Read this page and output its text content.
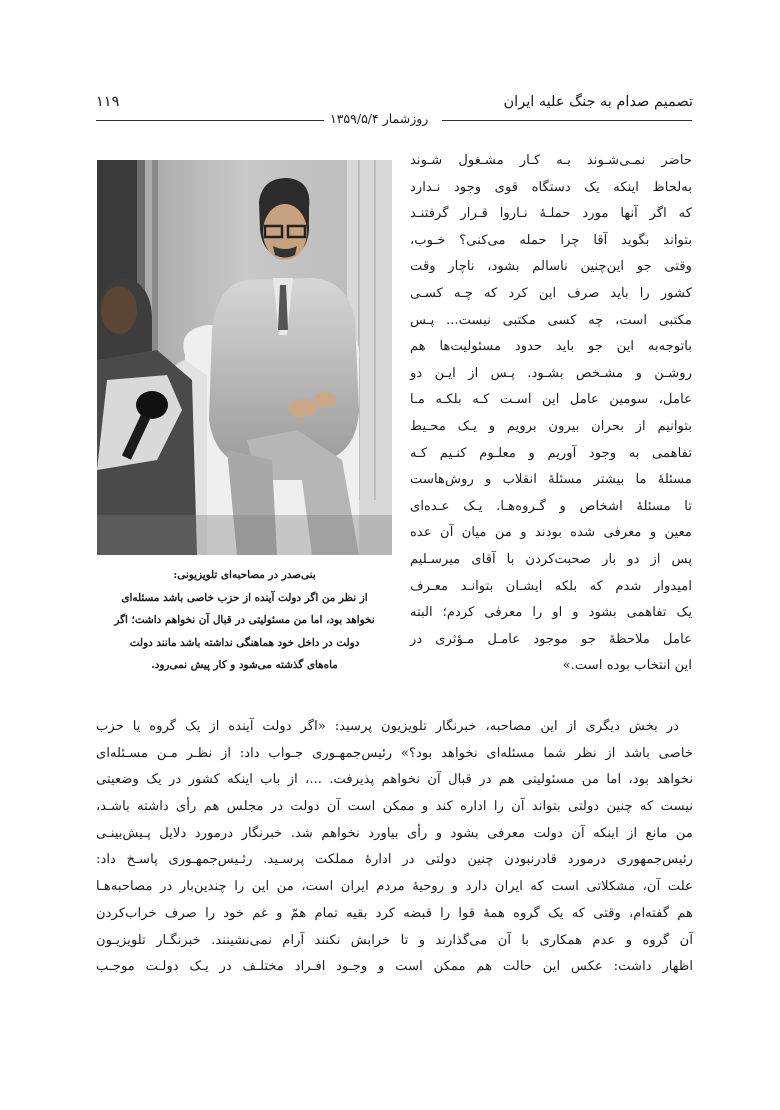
تصمیم صدام به جنگ علیه ایران
۱۱۹
روزشمار ۱۳۵۹/۵/۴
بنی‌صدر در مصاحبه‌ای تلویزیونی:
از نظر من اگر دولت آینده از حزب خاصی باشد مسئله‌ای
نخواهد بود، اما من مسئولیتی در قبال آن نخواهم داشت؛ اگر
دولت در داخل خود هماهنگی نداشته باشد مانند دولت
ماه‌های گذشته می‌شود و کار پیش نمی‌رود.
حاضر نمـی‌شـوند بـه کـار مشـغول شـوند
به‌لحاظ اینکه یک دستگاه قوی وجود نـدارد
که اگر آنها مورد حملـهٔ نـاروا قـرار گرفتنـد
بتواند بگوید آقا چرا حمله می‌کنی؟ خـوب،
وقتی جو این‌چنین ناسالم بشود، ناچار وقت
کشور را باید صرف این کرد که چـه کسـی
مکتبی است، چه کسی مکتبی نیست... پـس
باتوجه‌به این جو باید حدود مسئولیت‌ها هم
روشـن و مشـخص بشـود. پـس از ایـن دو
عامل، سومین عامل این اسـت کـه بلکـه مـا
بتوانیم از بحران بیرون برویم و یـک محـیط
تفاهمی به وجود آوریم و معلـوم کنـیم کـه
مسئلهٔ ما بیشتر مسئلهٔ انقلاب و روش‌هاست
تا مسئلهٔ اشخاص و گـروه‌هـا. یـک عـده‌ای
معین و معرفی شده بودند و من میان آن عده
پس از دو بار صحبت‌کردن با آقای میرسـلیم
امیدوار شدم که بلکه ایشـان بتوانـد معـرف
یک تفاهمی بشود و او را معرفی کردم؛ البته
عامل ملاحظهٔ جو موجود عامـل مـؤثری در
این انتخاب بوده است.»
در بخش دیگری از این مصاحبه، خبرنگار تلویزیون پرسید: «اگر دولت آینده از یک گروه یا حزب
خاصی باشد از نظر شما مسئله‌ای نخواهد بود؟» رئیس‌جمهـوری جـواب داد: از نظـر مـن مسـئله‌ای
نخواهد بود، اما من مسئولیتی هم در قبال آن نخواهم پذیرفت. ...، از باب اینکه کشور در یک وضعیتی
نیست که چنین دولتی بتواند آن را اداره کند و ممکن است آن دولت در مجلس هم رأی داشته باشـد،
من مانع از اینکه آن دولت معرفی بشود و رأی بیاورد نخواهم شد. خبرنگار درمورد دلایل پـیش‌بینـی
رئیس‌جمهوری درمورد قادرنبودن چنین دولتی در ادارهٔ مملکت پرسـید. رئـیس‌جمهـوری پاسـخ داد:
علت آن، مشکلاتی است که ایران دارد و روحیهٔ مردم ایران است، من این را چندین‌بار در مصاحبه‌هـا
هم گفته‌ام، وقتی که یک گروه همهٔ قوا را قبضه کرد بقیه تمام همّ و غم خود را صرف خراب‌کردن
آن گروه و عدم همکاری با آن می‌گذارند و تا خرابش نکنند آرام نمی‌نشینند. خبرنگـار تلویزیـون
اظهار داشت: عکس این حالت هم ممکن است و وجـود افـراد مختلـف در یـک دولـت موجـب
